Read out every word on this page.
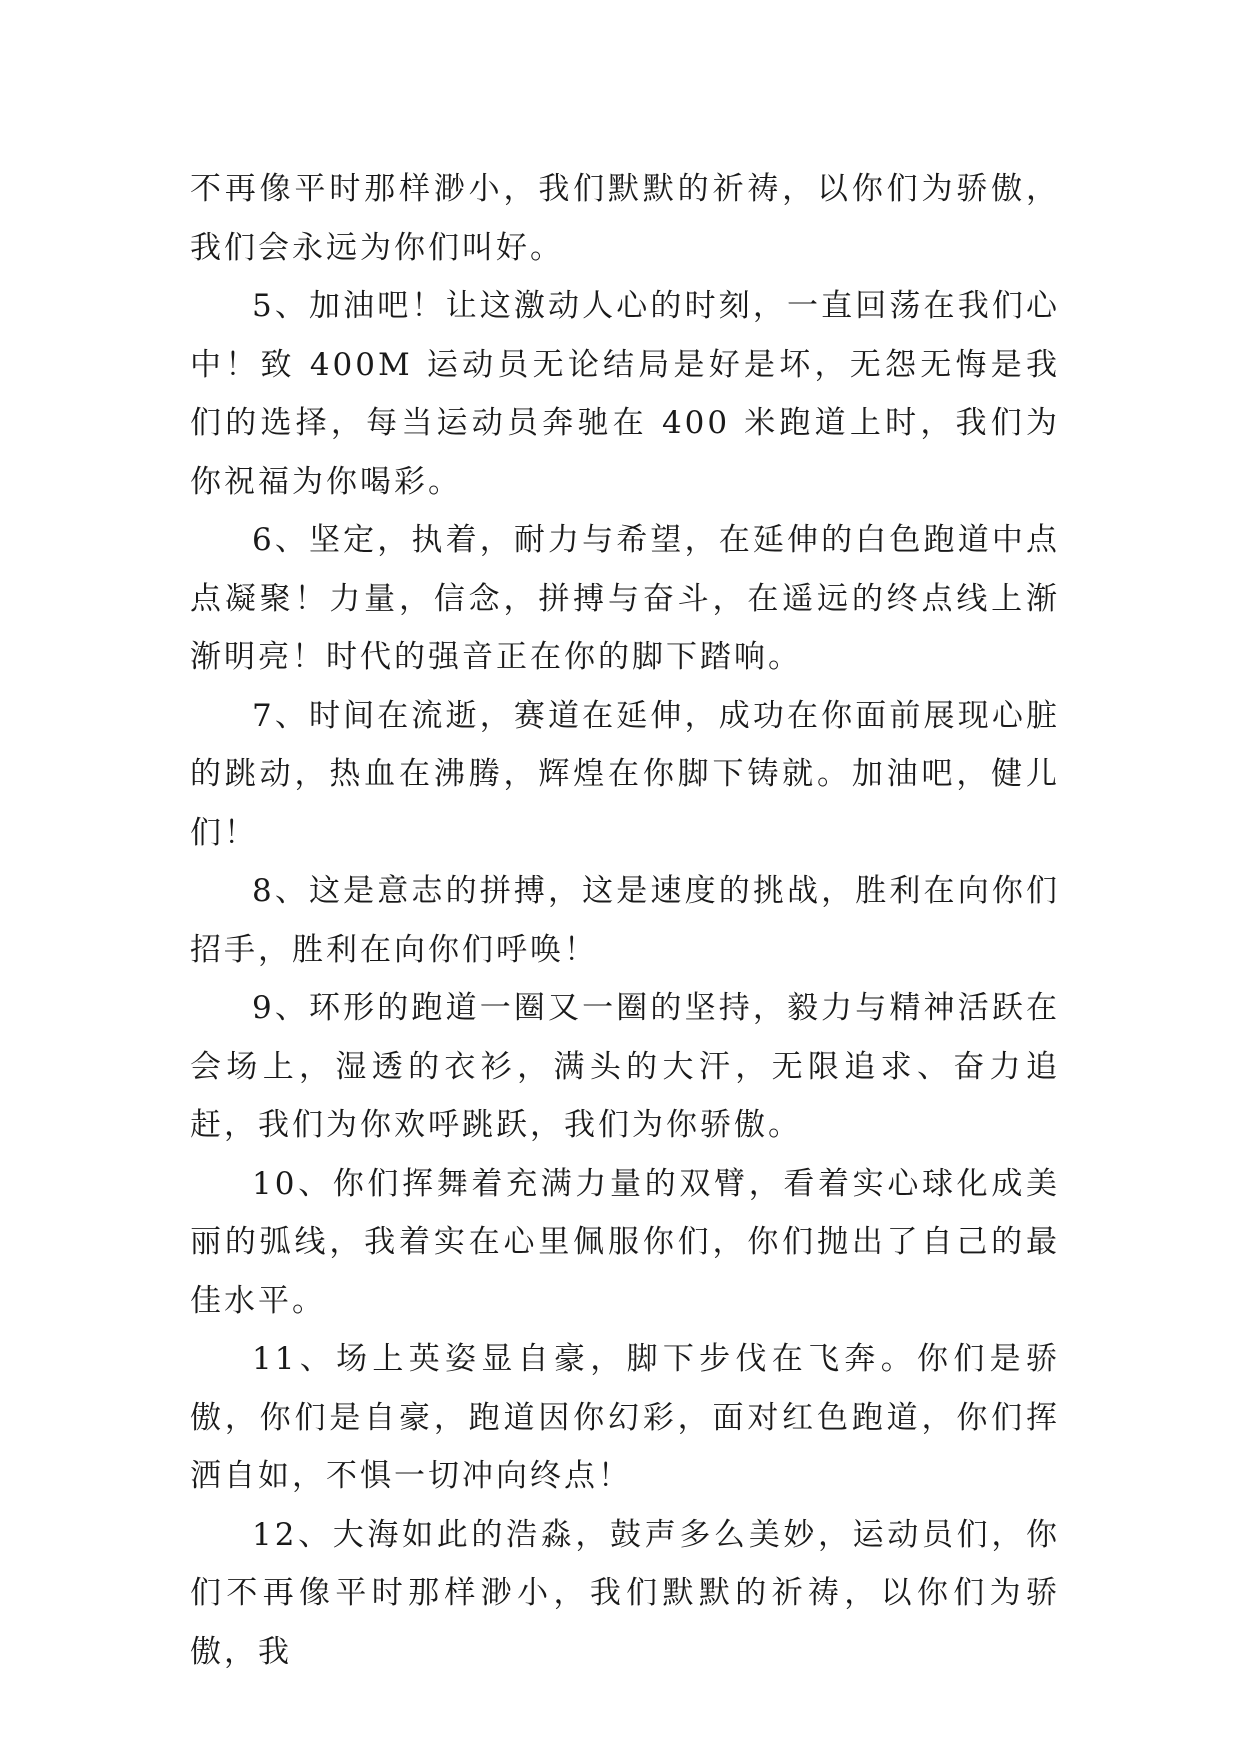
不再像平时那样渺小，我们默默的祈祷，以你们为骄傲，我们会永远为你们叫好。

5、加油吧！让这激动人心的时刻，一直回荡在我们心中！致 400M 运动员无论结局是好是坏，无怨无悔是我们的选择，每当运动员奔驰在 400 米跑道上时，我们为你祝福为你喝彩。

6、坚定，执着，耐力与希望，在延伸的白色跑道中点点凝聚！力量，信念，拼搏与奋斗，在遥远的终点线上渐渐明亮！时代的强音正在你的脚下踏响。

7、时间在流逝，赛道在延伸，成功在你面前展现心脏的跳动，热血在沸腾，辉煌在你脚下铸就。加油吧，健儿们！

8、这是意志的拼搏，这是速度的挑战，胜利在向你们招手，胜利在向你们呼唤！

9、环形的跑道一圈又一圈的坚持，毅力与精神活跃在会场上，湿透的衣衫，满头的大汗，无限追求、奋力追赶，我们为你欢呼跳跃，我们为你骄傲。

10、你们挥舞着充满力量的双臂，看着实心球化成美丽的弧线，我着实在心里佩服你们，你们抛出了自己的最佳水平。

11、场上英姿显自豪，脚下步伐在飞奔。你们是骄傲，你们是自豪，跑道因你幻彩，面对红色跑道，你们挥洒自如，不惧一切冲向终点！

12、大海如此的浩淼，鼓声多么美妙，运动员们，你们不再像平时那样渺小，我们默默的祈祷，以你们为骄傲，我
